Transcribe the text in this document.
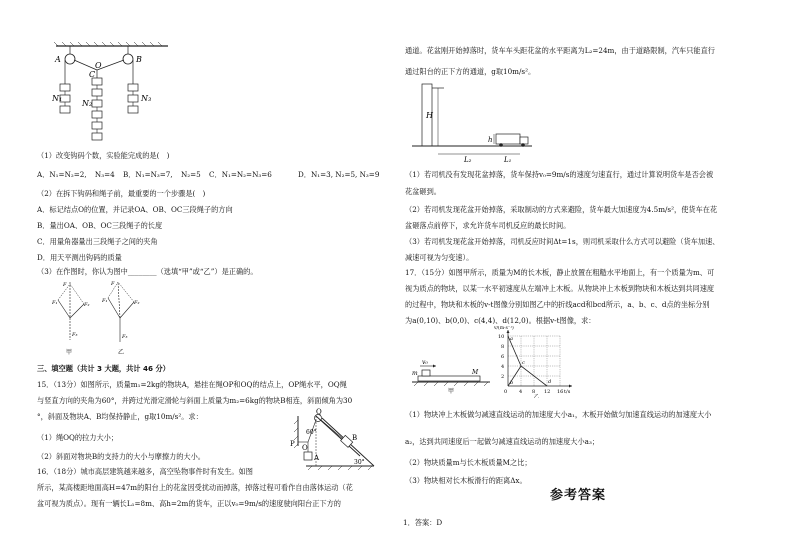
A
O
B
C
N₁
N₂
N₃
（1）改变钩码个数，实验能完成的是(　)
A．N₁=N₂=2, N₃=4 B．N₁=N₃=7, N₂=5 C．N₁=N₂=N₃=6	D．N₁=3, N₂=5, N₃=9
（2）在拆下钩码和绳子前，最重要的一个步骤是(　)
A．标记结点O的位置，并记录OA、OB、OC三段绳子的方向
B．量出OA、OB、OC三段绳子的长度
C．用量角器量出三段绳子之间的夹角
D．用天平测出钩码的质量
（3）在作图时，你认为图中________（选填“甲”或“乙”）是正确的。
F
F₁	F₂
F₃
甲
F
F₁	F₂
F₃
乙
三、填空题（共计 3 大题，共计 46 分）
15．（13分）如图所示，质量m₁=2kg的物块A，悬挂在绳OP和OQ的结点上，OP绳水平，OQ绳
与竖直方向的夹角为60°，并跨过光滑定滑轮与斜面上质量为m₂=6kg的物块B相连，斜面倾角为30
°，斜面及物块A、B均保持静止，g取10m/s²。求：
（1）绳OQ的拉力大小；
（2）斜面对物块B的支持力的大小与摩擦力的大小。
16．（18分）城市高层建筑越来越多，高空坠物事件时有发生。如图
所示，某高楼距地面高H=47m的阳台上的花盆因受扰动而掉落，掉落过程可看作自由落体运动（花
盆可视为质点）。现有一辆长L₁=8m、高h=2m的货车，正以v₀=9m/s的速度驶向阳台正下方的
P
Q
O
A
B
60°
30°
通道。花盆刚开始掉落时，货车车头距花盆的水平距离为L₂=24m，由于道路限制，汽车只能直行
通过阳台的正下方的通道，g取10m/s²。
H
h
L₂	L₁
（1）若司机没有发现花盆掉落，货车保持v₀=9m/s的速度匀速直行，通过计算说明货车是否会被
花盆砸到。
（2）若司机发现花盆开始掉落，采取制动的方式来避险，货车最大加速度为4.5m/s²，使货车在花
盆砸落点前停下，求允许货车司机反应的最长时间。
（3）若司机发现花盆开始掉落，司机反应时间Δt=1s，则司机采取什么方式可以避险（货车加速、
减速可视为匀变速）。
17．（15分）如图甲所示，质量为M的长木板，静止放置在粗糙水平地面上，有一个质量为m、可
视为质点的物块，以某一水平初速度从左端冲上木板。从物块冲上木板到物块和木板达到共同速度
的过程中，物块和木板的v-t图像分别如图乙中的折线acd和bcd所示，a、b、c、d点的坐标分别
为a(0,10)、b(0,0)、c(4,4)、d(12,0)。根据v-t图像，求：
v₀
m	M
甲
v/(m·s⁻¹)
t/s
10
8
6
4
2
0 4 8 12 16
a
b
c
d
乙
（1）物块冲上木板做匀减速直线运动的加速度大小a₁，木板开始做匀加速直线运动的加速度大小
a₂，达到共同速度后一起做匀减速直线运动的加速度大小a₃；
（2）物块质量m与长木板质量M之比；
（3）物块相对长木板滑行的距离Δx。
参考答案
1．答案：D
